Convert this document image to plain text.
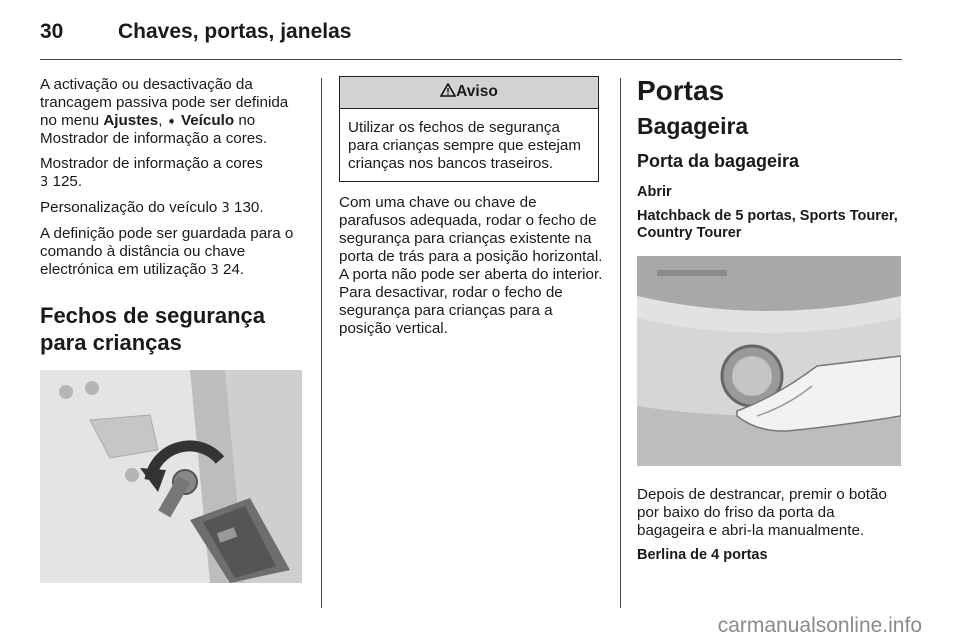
30	Chaves, portas, janelas

A activação ou desactivação da trancagem passiva pode ser definida no menu Ajustes, ➧ Veículo no Mostrador de informação a cores.

Mostrador de informação a cores
3 125.

Personalização do veículo 3 130.

A definição pode ser guardada para o comando à distância ou chave electrónica em utilização 3 24.

Fechos de segurança para crianças
Aviso
Utilizar os fechos de segurança para crianças sempre que estejam crianças nos bancos traseiros.

Com uma chave ou chave de parafusos adequada, rodar o fecho de segurança para crianças existente na porta de trás para a posição horizontal. A porta não pode ser aberta do interior. Para desactivar, rodar o fecho de segurança para crianças para a posição vertical.

Portas
Bagageira
Porta da bagageira

Abrir

Hatchback de 5 portas, Sports Tourer, Country Tourer

Depois de destrancar, premir o botão por baixo do friso da porta da bagageira e abri-la manualmente.

Berlina de 4 portas

carmanualsonline.info
